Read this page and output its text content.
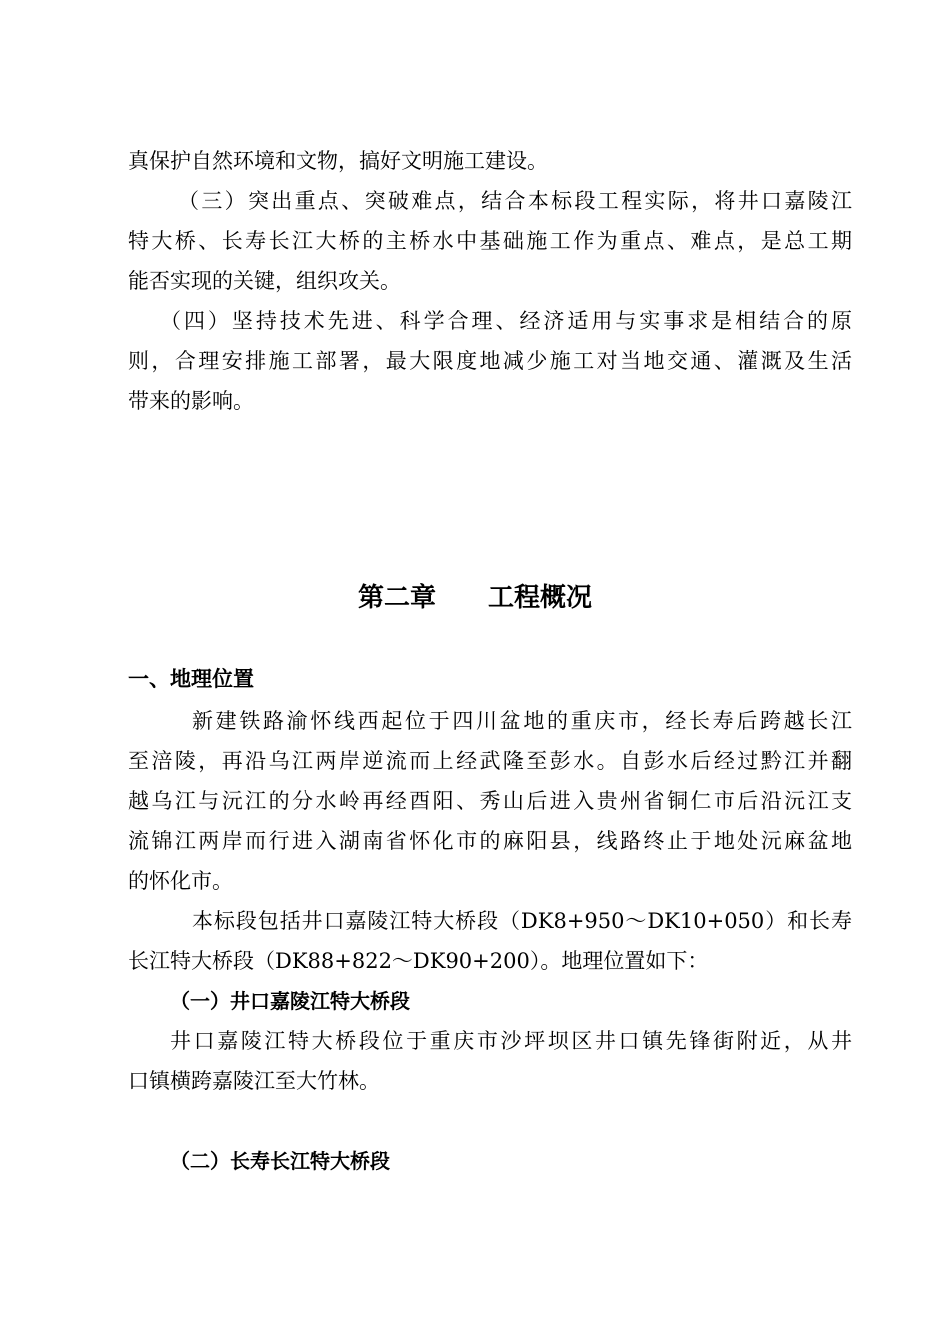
真保护自然环境和文物，搞好文明施工建设。
（三）突出重点、突破难点，结合本标段工程实际，将井口嘉陵江
特大桥、长寿长江大桥的主桥水中基础施工作为重点、难点，是总工期
能否实现的关键，组织攻关。
（四）坚持技术先进、科学合理、经济适用与实事求是相结合的原
则，合理安排施工部署，最大限度地减少施工对当地交通、灌溉及生活
带来的影响。
第二章　　工程概况
一、地理位置
新建铁路渝怀线西起位于四川盆地的重庆市，经长寿后跨越长江
至涪陵，再沿乌江两岸逆流而上经武隆至彭水。自彭水后经过黔江并翻
越乌江与沅江的分水岭再经酉阳、秀山后进入贵州省铜仁市后沿沅江支
流锦江两岸而行进入湖南省怀化市的麻阳县，线路终止于地处沅麻盆地
的怀化市。
本标段包括井口嘉陵江特大桥段（DK8+950～DK10+050）和长寿
长江特大桥段（DK88+822～DK90+200）。地理位置如下：
（一）井口嘉陵江特大桥段
井口嘉陵江特大桥段位于重庆市沙坪坝区井口镇先锋街附近，从井
口镇横跨嘉陵江至大竹林。
（二）长寿长江特大桥段
